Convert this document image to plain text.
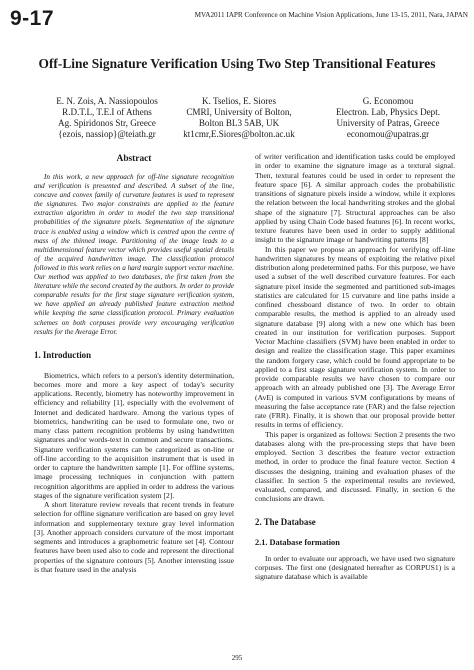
9-17	MVA2011 IAPR Conference on Machine Vision Applications, June 13-15, 2011, Nara, JAPAN
Off-Line Signature Verification Using Two Step Transitional Features
E. N. Zois, A. Nassiopoulos
R.D.T.L, T.E.I of Athens
Ag. Spiridonos Str, Greece
{ezois, nassiop}@teiath.gr
K. Tselios, E. Siores
CMRI, University of Bolton,
Bolton BL3 5AB, UK
kt1cmr,E.Siores@bolton.ac.uk
G. Economou
Electron. Lab, Physics Dept.
University of Patras, Greece
economou@upatras.gr
Abstract

In this work, a new approach for off-line signature recognition and verification is presented and described. A subset of the line, concave and convex family of curvature features is used to represent the signatures. Two major constraints are applied to the feature extraction algorithm in order to model the two step transitional probabilities of the signature pixels. Segmentation of the signature trace is enabled using a window which is centred upon the centre of mass of the thinned image. Partitioning of the image leads to a multidimensional feature vector which provides useful spatial details of the acquired handwritten image. The classification protocol followed in this work relies on a hard margin support vector machine. Our method was applied to two databases, the first taken from the literature while the second created by the authors. In order to provide comparable results for the first stage signature verification system, we have applied an already published feature extraction method while keeping the same classification protocol. Primary evaluation schemes on both corpuses provide very encouraging verification results for the Average Error.

1. Introduction

Biometrics, which refers to a person's identity determination, becomes more and more a key aspect of today's security applications. Recently, biometry has noteworthy improvement in efficiency and reliability [1], especially with the evolvement of Internet and dedicated hardware. Among the various types of biometrics, handwriting can be used to formulate one, two or many class pattern recognition problems by using handwritten signatures and/or words-text in common and secure transactions. Signature verification systems can be categorized as on-line or off-line according to the acquisition instrument that is used in order to capture the handwritten sample [1]. For offline systems, image processing techniques in conjunction with pattern recognition algorithms are applied in order to address the various stages of the signature verification system [2].

A short literature review reveals that recent trends in feature selection for offline signature verification are based on grey level information and supplementary texture gray level information [3]. Another approach considers curvature of the most important segments and introduces a graphometric feature set [4]. Contour features have been used also to code and represent the directional properties of the signature contours [5]. Another interesting issue is that feature used in the analysis

of writer verification and identification tasks could be employed in order to examine the signature image as a textural signal. Then, textural features could be used in order to represent the feature space [6]. A similar approach codes the probabilistic transitions of signature pixels inside a window, while it explores the relation between the local handwriting strokes and the global shape of the signature [7]. Structural approaches can be also applied by using Chain Code based features [6]. In recent works, texture features have been used in order to supply additional insight to the signature image or handwriting patterns [8]

In this paper we propose an approach for verifying off-line handwritten signatures by means of exploiting the relative pixel distribution along predetermined paths. For this purpose, we have used a subset of the well described curvature features. For each signature pixel inside the segmented and partitioned sub-images statistics are calculated for 15 curvature and line paths inside a confined chessboard distance of two. In order to obtain comparable results, the method is applied to an already used signature database [9] along with a new one which has been created in our institution for verification purposes. Support Vector Machine classifiers (SVM) have been enabled in order to design and realize the classification stage. This paper examines the random forgery case, which could be found appropriate to be applied to a first stage signature verification system. In order to provide comparable results we have chosen to compare our approach with an already published one [3]. The Average Error (AvE) is computed in various SVM configurations by means of measuring the false acceptance rate (FAR) and the false rejection rate (FRR). Finally, it is shown that our proposal provide better results in terms of efficiency.

This paper is organized as follows: Section 2 presents the two databases along with the pre-processing steps that have been employed. Section 3 describes the feature vector extraction method, in order to produce the final feature vector. Section 4 discusses the designing, training and evaluation phases of the classifier. In section 5 the experimental results are reviewed, evaluated, compared, and discussed. Finally, in section 6 the conclusions are drawn.

2. The Database
2.1. Database formation

In order to evaluate our approach, we have used two signature corpuses. The first one (designated hereafter as CORPUS1) is a signature database which is available

295
